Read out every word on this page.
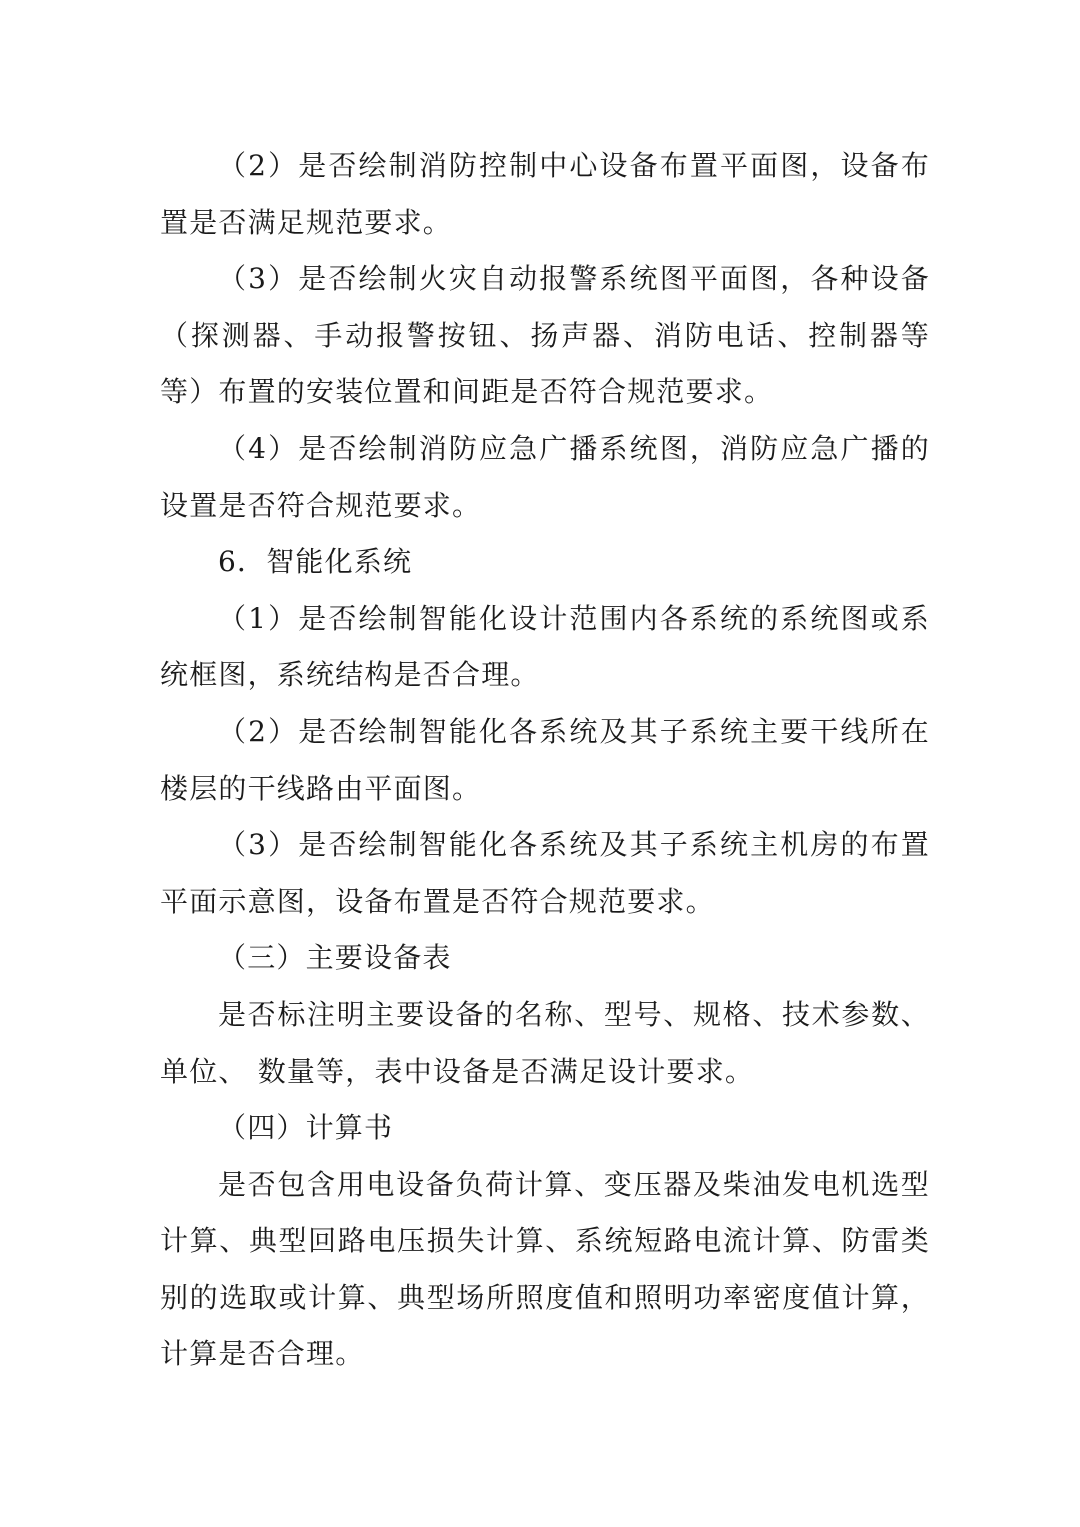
（2）是否绘制消防控制中心设备布置平面图，设备布置是否满足规范要求。

（3）是否绘制火灾自动报警系统图平面图，各种设备（探测器、手动报警按钮、扬声器、消防电话、控制器等等）布置的安装位置和间距是否符合规范要求。

（4）是否绘制消防应急广播系统图，消防应急广播的设置是否符合规范要求。

6．智能化系统

（1）是否绘制智能化设计范围内各系统的系统图或系统框图，系统结构是否合理。

（2）是否绘制智能化各系统及其子系统主要干线所在楼层的干线路由平面图。

（3）是否绘制智能化各系统及其子系统主机房的布置平面示意图，设备布置是否符合规范要求。

（三）主要设备表

是否标注明主要设备的名称、型号、规格、技术参数、单位、 数量等，表中设备是否满足设计要求。

（四）计算书

是否包含用电设备负荷计算、变压器及柴油发电机选型计算、典型回路电压损失计算、系统短路电流计算、防雷类别的选取或计算、典型场所照度值和照明功率密度值计算，计算是否合理。
